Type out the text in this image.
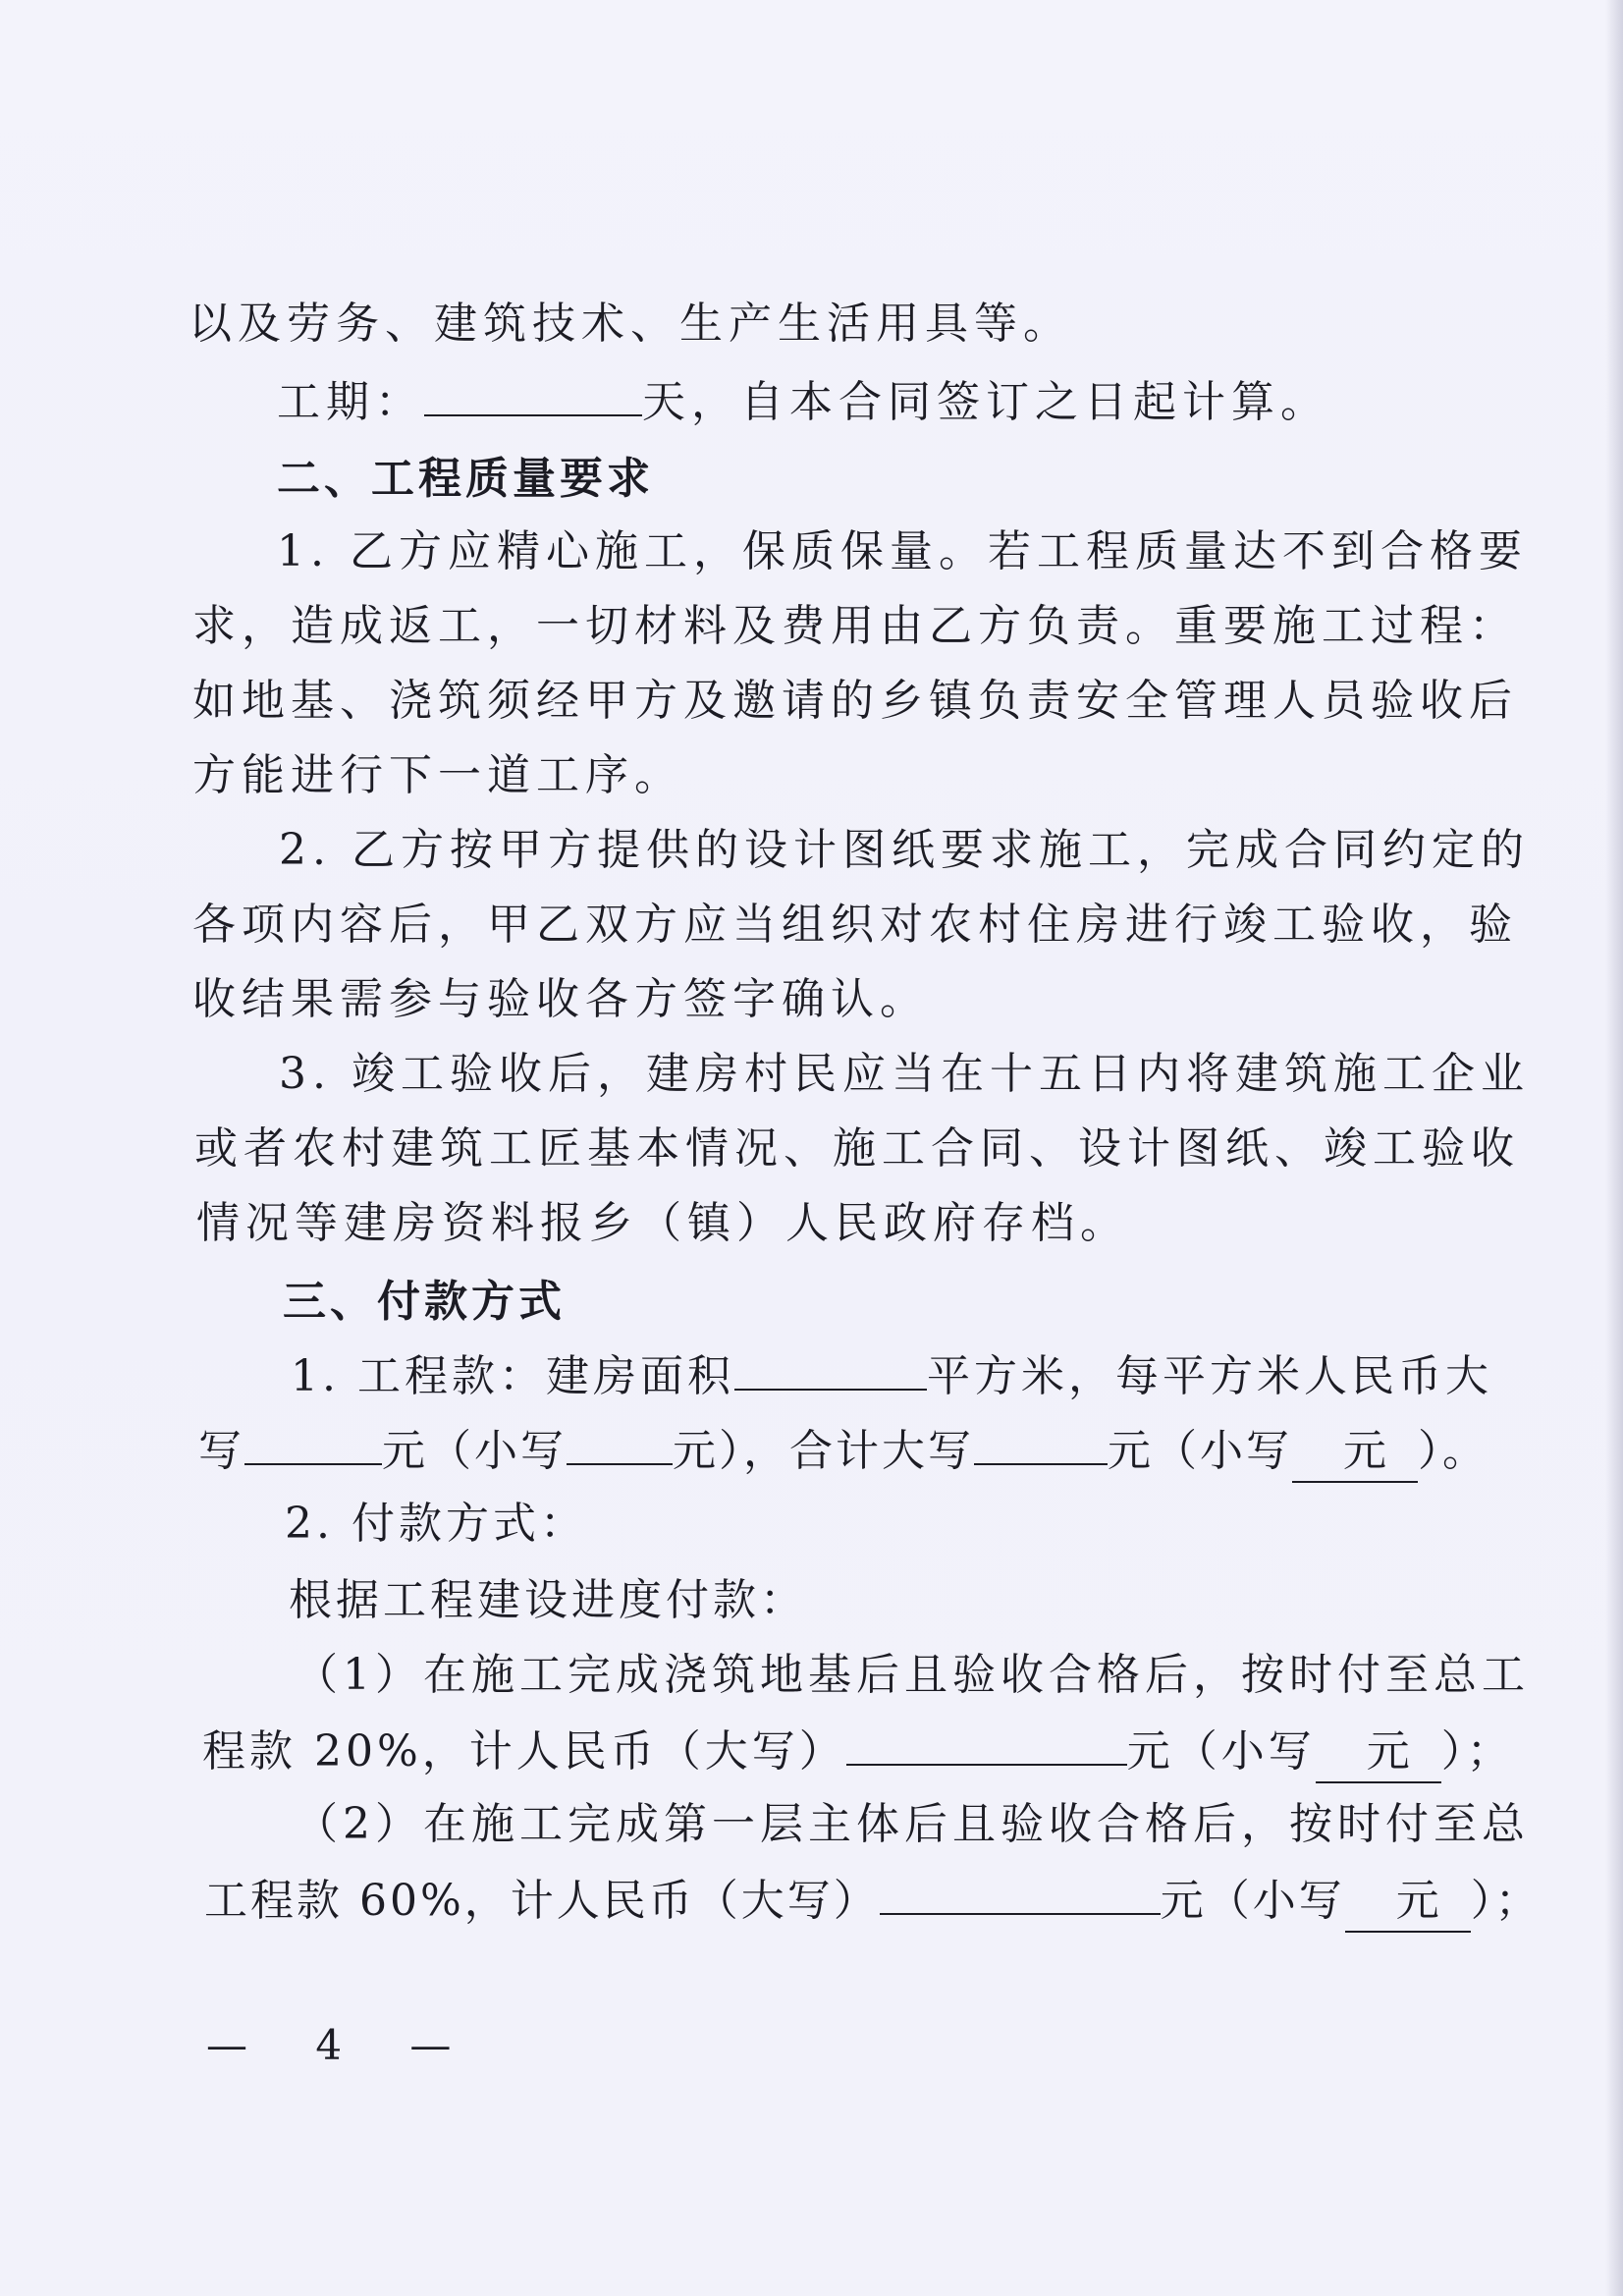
以及劳务、建筑技术、生产生活用具等。
工期：	天，自本合同签订之日起计算。
二、工程质量要求
1. 乙方应精心施工，保质保量。若工程质量达不到合格要
求，造成返工，一切材料及费用由乙方负责。重要施工过程：
如地基、浇筑须经甲方及邀请的乡镇负责安全管理人员验收后
方能进行下一道工序。
2. 乙方按甲方提供的设计图纸要求施工，完成合同约定的
各项内容后，甲乙双方应当组织对农村住房进行竣工验收，验
收结果需参与验收各方签字确认。
3. 竣工验收后，建房村民应当在十五日内将建筑施工企业
或者农村建筑工匠基本情况、施工合同、设计图纸、竣工验收
情况等建房资料报乡（镇）人民政府存档。
三、付款方式
1. 工程款：建房面积	平方米，每平方米人民币大
写	元（小写 元），合计大写	元（小写 元 ）。
2. 付款方式：
根据工程建设进度付款：
（1）在施工完成浇筑地基后且验收合格后，按时付至总工
程款 20%，计人民币（大写）	元（小写 元 ）；
（2）在施工完成第一层主体后且验收合格后，按时付至总
工程款 60%，计人民币（大写）	元（小写 元 ）；
— 4 —
